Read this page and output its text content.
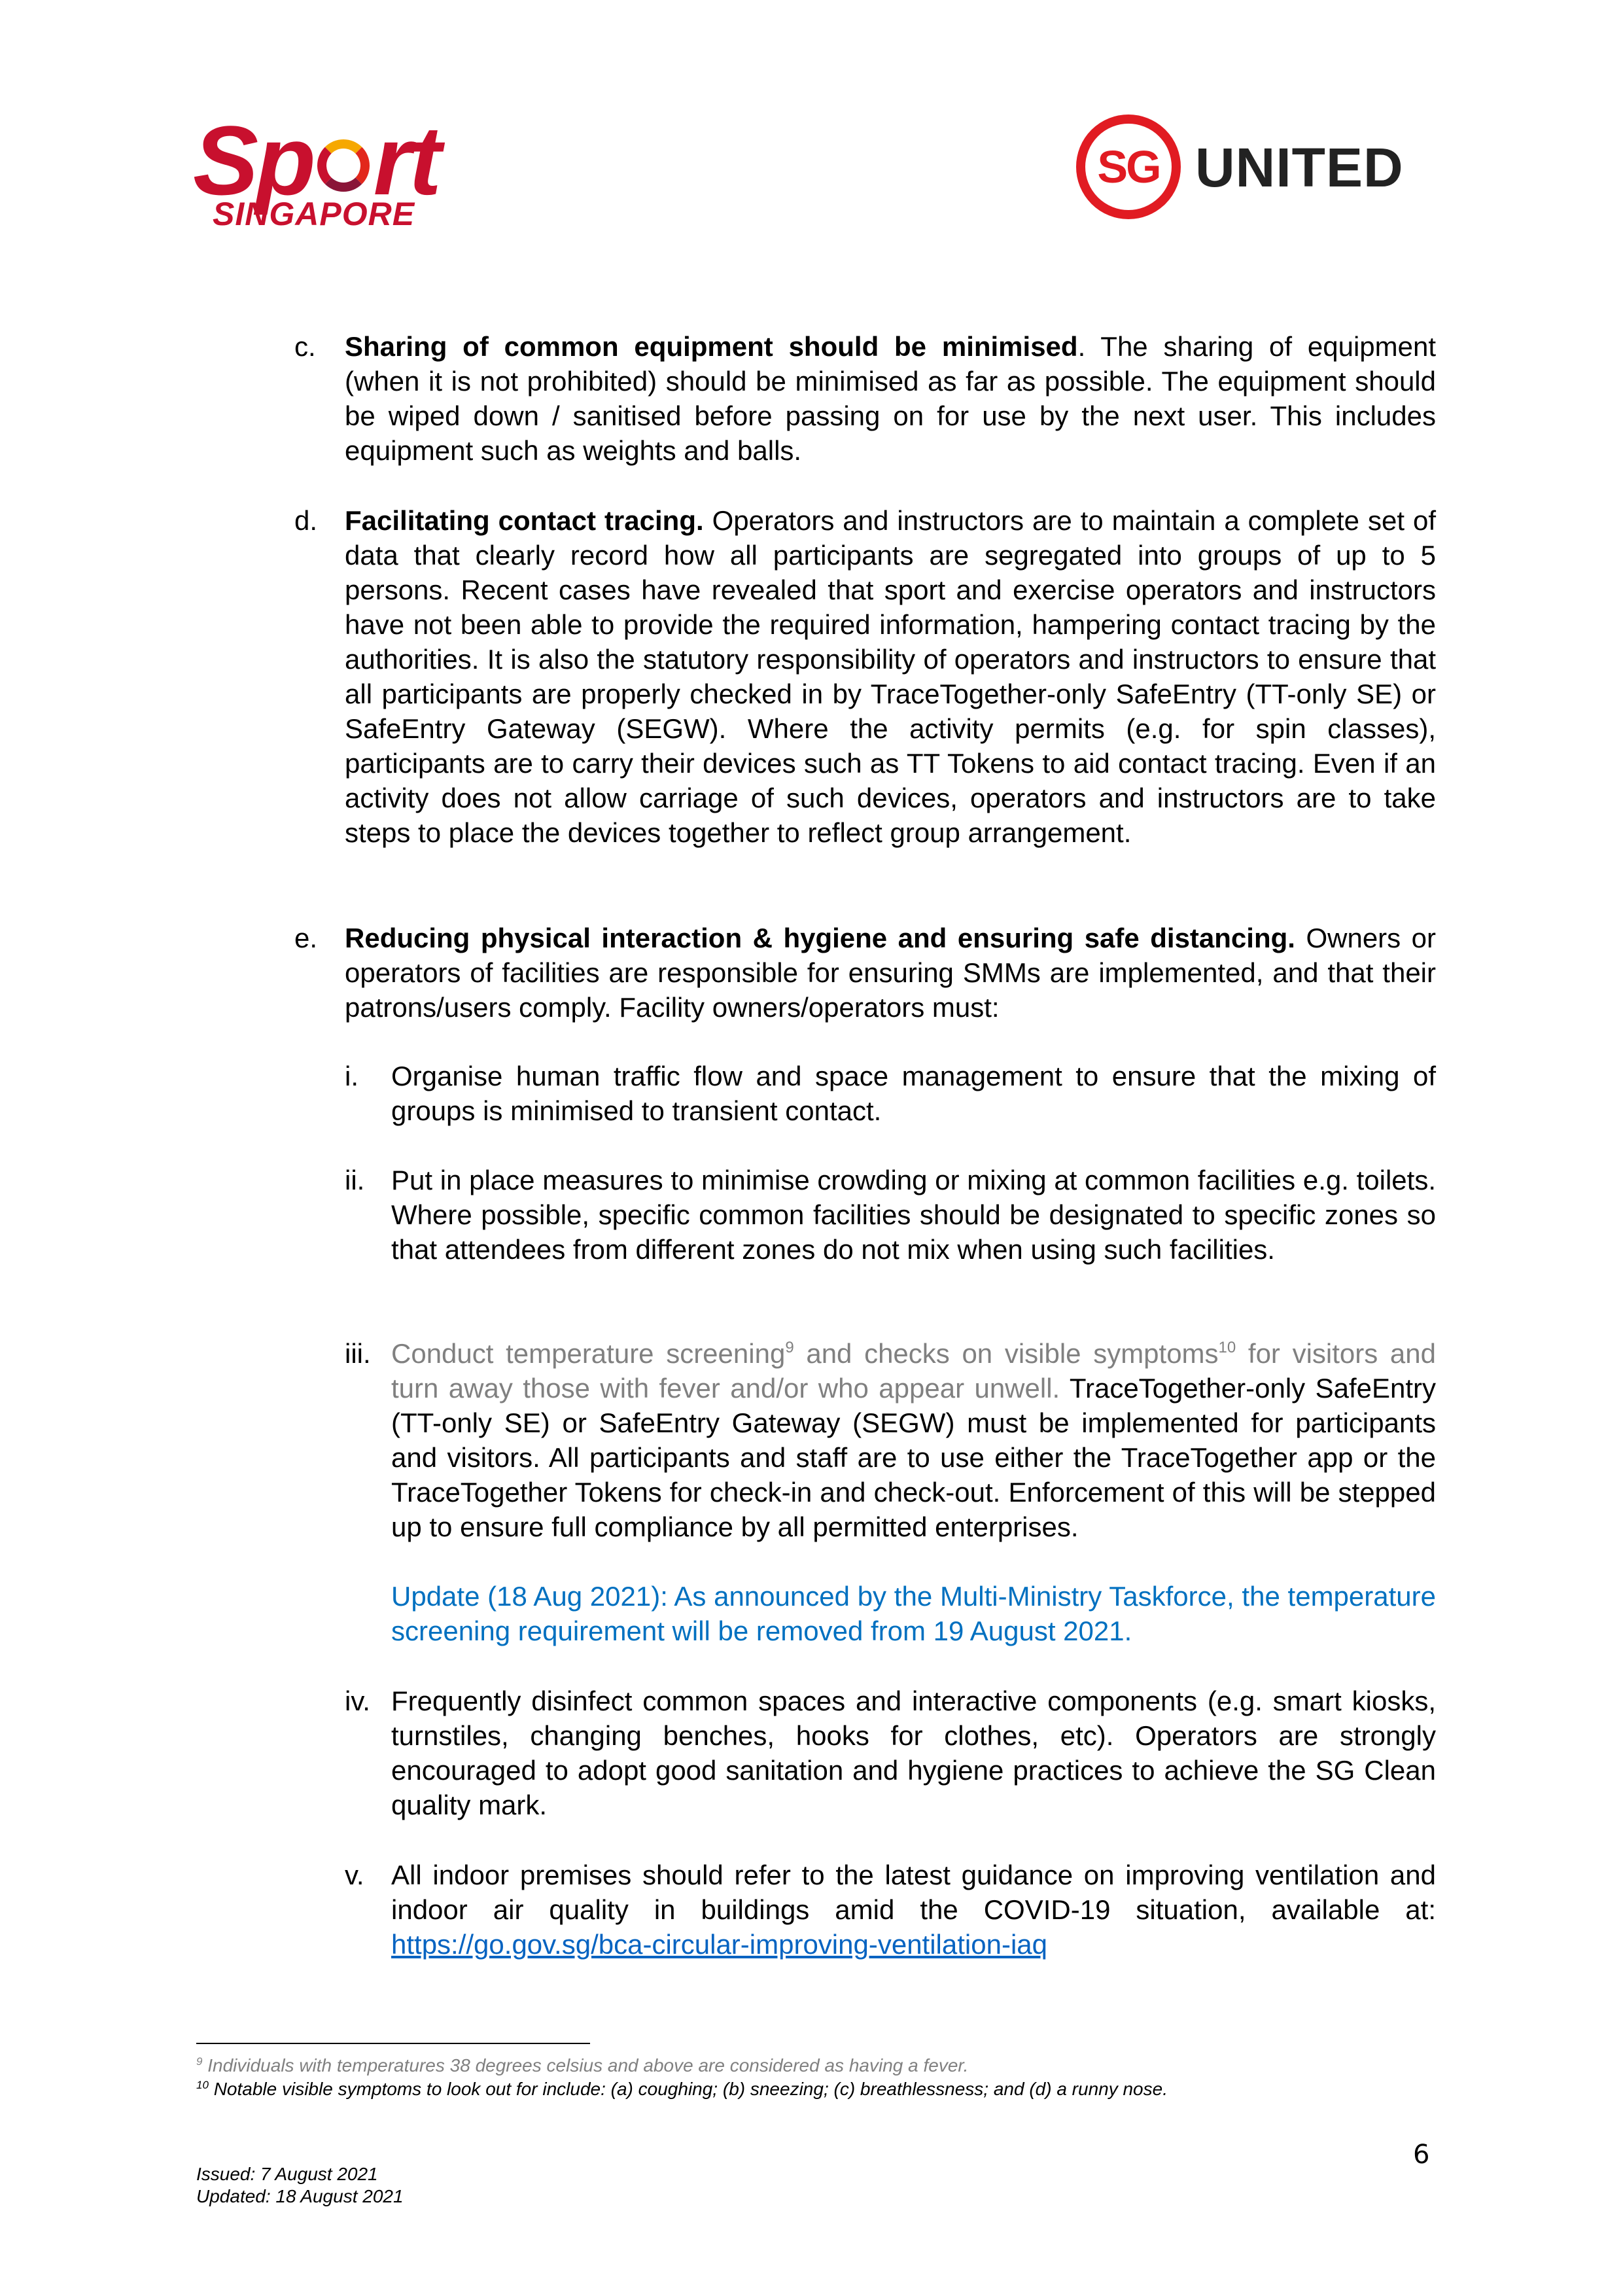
Sp rt
SINGAPORE
SG UNITED
c. Sharing of common equipment should be minimised. The sharing of equipment (when it is not prohibited) should be minimised as far as possible. The equipment should be wiped down / sanitised before passing on for use by the next user. This includes equipment such as weights and balls.
d. Facilitating contact tracing. Operators and instructors are to maintain a complete set of data that clearly record how all participants are segregated into groups of up to 5 persons. Recent cases have revealed that sport and exercise operators and instructors have not been able to provide the required information, hampering contact tracing by the authorities. It is also the statutory responsibility of operators and instructors to ensure that all participants are properly checked in by TraceTogether-only SafeEntry (TT-only SE) or SafeEntry Gateway (SEGW). Where the activity permits (e.g. for spin classes), participants are to carry their devices such as TT Tokens to aid contact tracing. Even if an activity does not allow carriage of such devices, operators and instructors are to take steps to place the devices together to reflect group arrangement.
e. Reducing physical interaction & hygiene and ensuring safe distancing. Owners or operators of facilities are responsible for ensuring SMMs are implemented, and that their patrons/users comply. Facility owners/operators must:
i. Organise human traffic flow and space management to ensure that the mixing of groups is minimised to transient contact.
ii. Put in place measures to minimise crowding or mixing at common facilities e.g. toilets. Where possible, specific common facilities should be designated to specific zones so that attendees from different zones do not mix when using such facilities.
iii. Conduct temperature screening$^9$ and checks on visible symptoms$^{10}$ for visitors and turn away those with fever and/or who appear unwell. TraceTogether-only SafeEntry (TT-only SE) or SafeEntry Gateway (SEGW) must be implemented for participants and visitors. All participants and staff are to use either the TraceTogether app or the TraceTogether Tokens for check-in and check-out. Enforcement of this will be stepped up to ensure full compliance by all permitted enterprises.
Update (18 Aug 2021): As announced by the Multi-Ministry Taskforce, the temperature screening requirement will be removed from 19 August 2021.
iv. Frequently disinfect common spaces and interactive components (e.g. smart kiosks, turnstiles, changing benches, hooks for clothes, etc). Operators are strongly encouraged to adopt good sanitation and hygiene practices to achieve the SG Clean quality mark.
v. All indoor premises should refer to the latest guidance on improving ventilation and indoor air quality in buildings amid the COVID-19 situation, available at: https://go.gov.sg/bca-circular-improving-ventilation-iaq
$^9$ Individuals with temperatures 38 degrees celsius and above are considered as having a fever.
$^{10}$ Notable visible symptoms to look out for include: (a) coughing; (b) sneezing; (c) breathlessness; and (d) a runny nose.
6
Issued: 7 August 2021
Updated: 18 August 2021
